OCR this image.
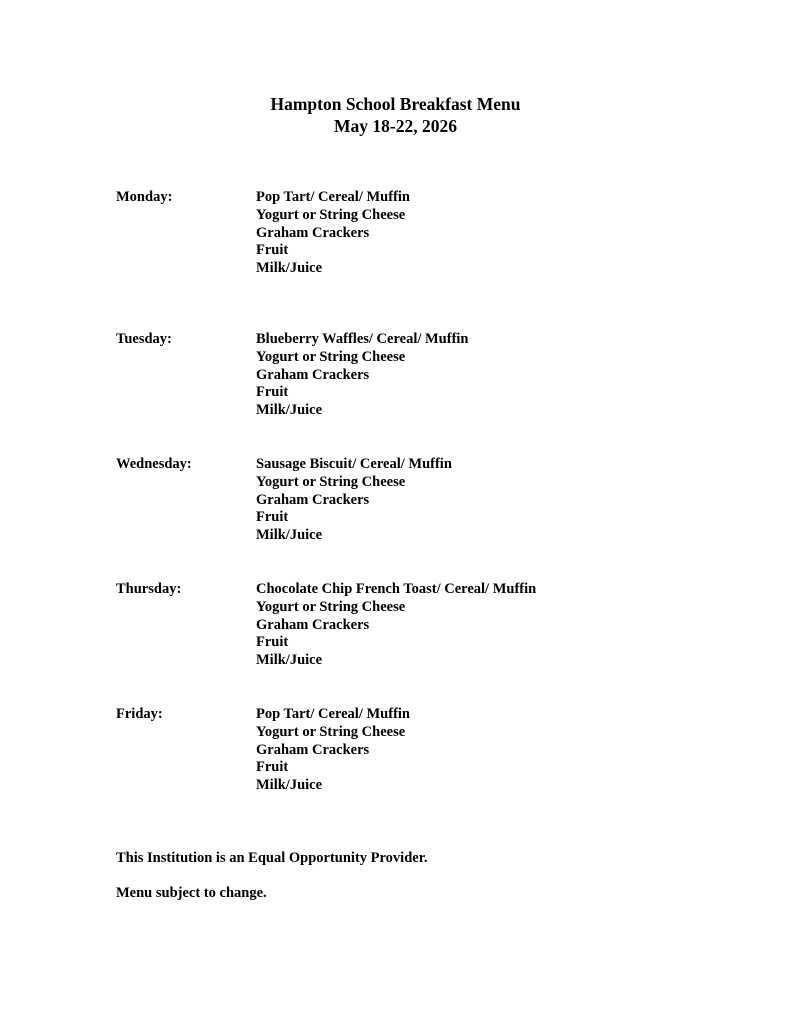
Hampton School Breakfast Menu
May 18-22, 2026
Monday:	Pop Tart/ Cereal/ Muffin
Yogurt or String Cheese
Graham Crackers
Fruit
Milk/Juice
Tuesday:	Blueberry Waffles/ Cereal/ Muffin
Yogurt or String Cheese
Graham Crackers
Fruit
Milk/Juice
Wednesday:	Sausage Biscuit/ Cereal/ Muffin
Yogurt or String Cheese
Graham Crackers
Fruit
Milk/Juice
Thursday:	Chocolate Chip French Toast/ Cereal/ Muffin
Yogurt or String Cheese
Graham Crackers
Fruit
Milk/Juice
Friday:	Pop Tart/ Cereal/ Muffin
Yogurt or String Cheese
Graham Crackers
Fruit
Milk/Juice
This Institution is an Equal Opportunity Provider.
Menu subject to change.
